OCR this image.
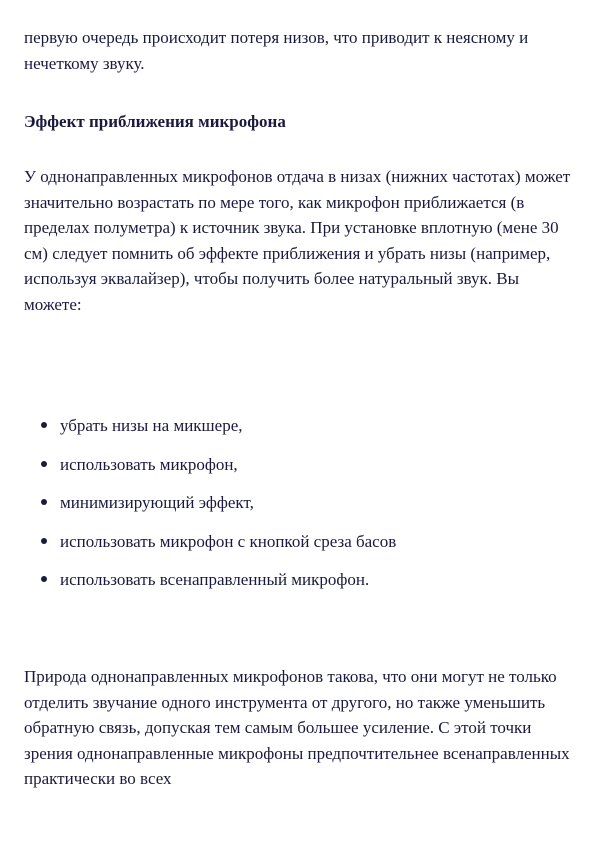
первую очередь происходит потеря низов, что приводит к неясному и нечеткому звуку.

Эффект приближения микрофона

У однонаправленных микрофонов отдача в низах (нижних частотах) может значительно возрастать по мере того, как микрофон приближается (в пределах полуметра) к источник звука. При установке вплотную (мене 30 см) следует помнить об эффекте приближения и убрать низы (например, используя эквалайзер), чтобы получить более натуральный звук. Вы можете:

убрать низы на микшере,
использовать микрофон,
минимизирующий эффект,
использовать микрофон с кнопкой среза басов
использовать всенаправленный микрофон.

Природа однонаправленных микрофонов такова, что они могут не только отделить звучание одного инструмента от другого, но также уменьшить обратную связь, допуская тем самым большее усиление. С этой точки зрения однонаправленные микрофоны предпочтительнее всенаправленных практически во всех
